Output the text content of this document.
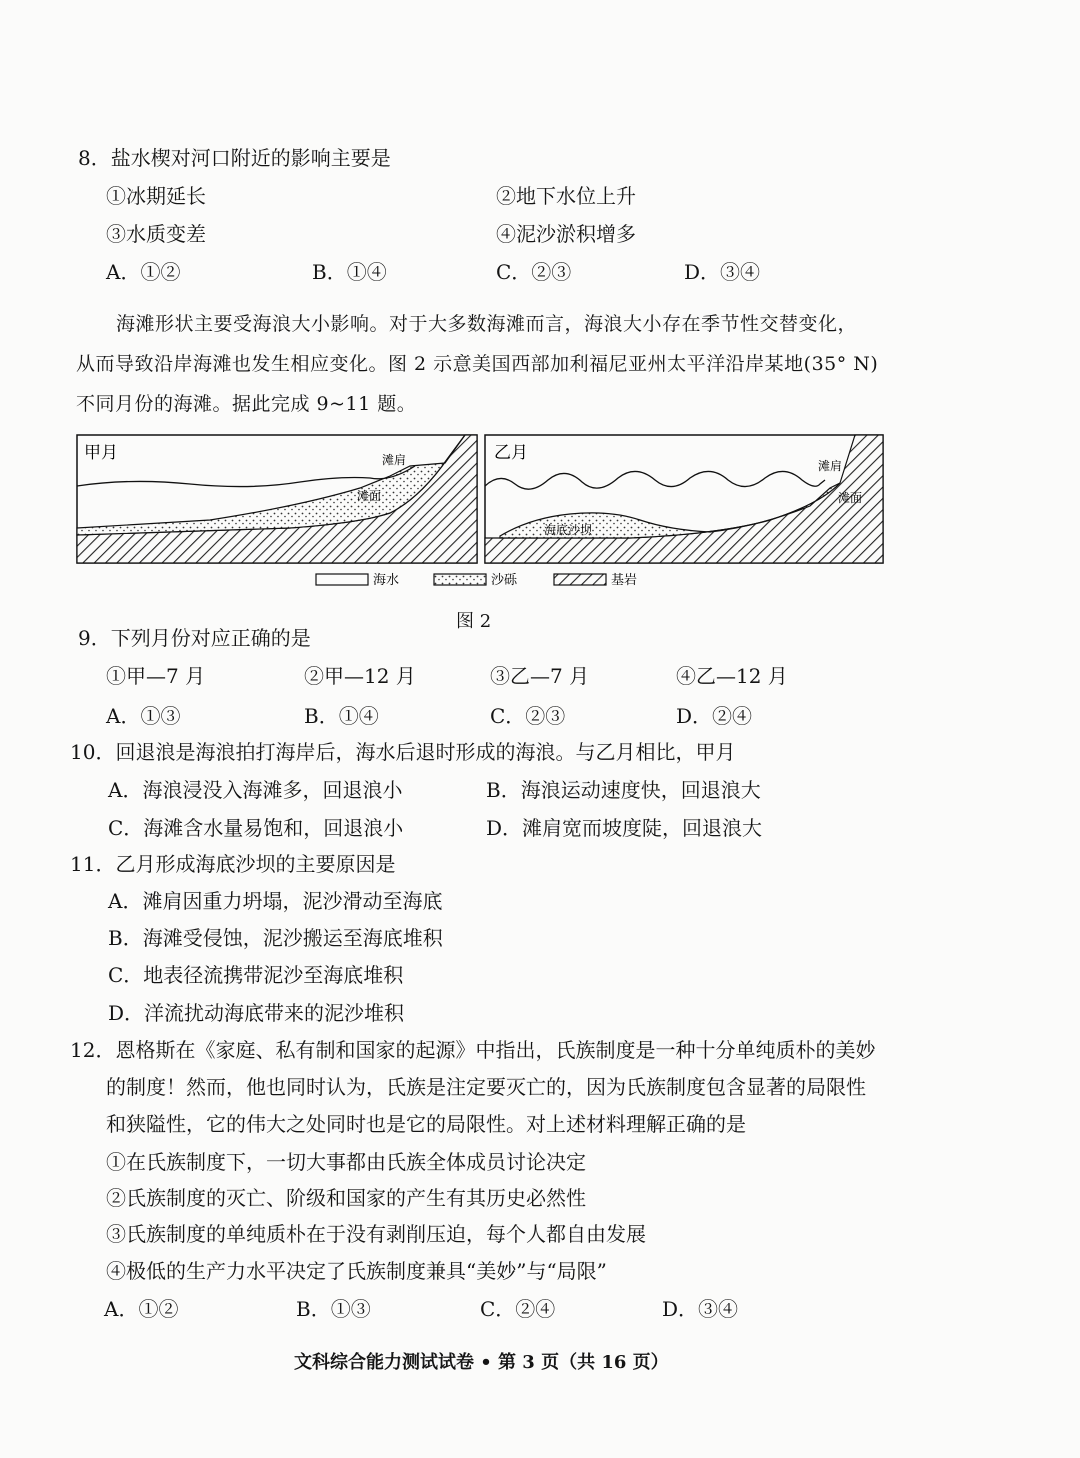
8．盐水楔对河口附近的影响主要是
①冰期延长	②地下水位上升
③水质变差	④泥沙淤积增多
A．①②	B．①④	C．②③	D．③④
海滩形状主要受海浪大小影响。对于大多数海滩而言，海浪大小存在季节性交替变化，
从而导致沿岸海滩也发生相应变化。图 2 示意美国西部加利福尼亚州太平洋沿岸某地(35° N)
不同月份的海滩。据此完成 9~11 题。
甲月	滩肩
滩面
乙月
滩肩
滩面
海底沙坝
海水	沙砾	基岩
图 2
9．下列月份对应正确的是
①甲—7 月	②甲—12 月	③乙—7 月	④乙—12 月
A．①③	B．①④	C．②③	D．②④
10．回退浪是海浪拍打海岸后，海水后退时形成的海浪。与乙月相比，甲月
A．海浪浸没入海滩多，回退浪小	B．海浪运动速度快，回退浪大
C．海滩含水量易饱和，回退浪小	D．滩肩宽而坡度陡，回退浪大
11．乙月形成海底沙坝的主要原因是
A．滩肩因重力坍塌，泥沙滑动至海底
B．海滩受侵蚀，泥沙搬运至海底堆积
C．地表径流携带泥沙至海底堆积
D．洋流扰动海底带来的泥沙堆积
12．恩格斯在《家庭、私有制和国家的起源》中指出，氏族制度是一种十分单纯质朴的美妙
的制度！然而，他也同时认为，氏族是注定要灭亡的，因为氏族制度包含显著的局限性
和狭隘性，它的伟大之处同时也是它的局限性。对上述材料理解正确的是
①在氏族制度下，一切大事都由氏族全体成员讨论决定
②氏族制度的灭亡、阶级和国家的产生有其历史必然性
③氏族制度的单纯质朴在于没有剥削压迫，每个人都自由发展
④极低的生产力水平决定了氏族制度兼具“美妙”与“局限”
A．①②	B．①③	C．②④	D．③④
文科综合能力测试试卷 • 第 3 页（共 16 页）
